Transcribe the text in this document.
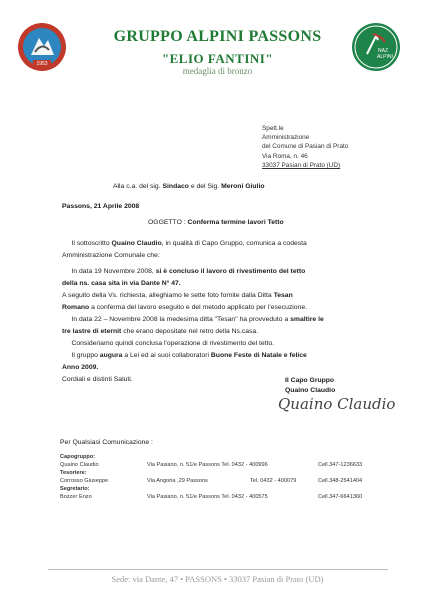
1953
NAZ
ALPINI
GRUPPO ALPINI PASSONS
"ELIO FANTINI"
medaglia di bronzo
Spett.le
Amministrazione
del Comune di Pasian di Prato
Via Roma, n. 46
33037 Pasian di Prato (UD)
Alla c.a. del sig. Sindaco e del Sig. Meroni Giulio
Passons, 21 Aprile 2008
OGGETTO : Conferma termine lavori Tetto
Il sottoscritto Quaino Claudio, in qualità di Capo Gruppo, comunica a codesta
Amministrazione Comunale che:
In data 19 Novembre 2008, si è concluso il lavoro di rivestimento del tetto
della ns. casa sita in via Dante N° 47.
A seguito della Vs. richiesta, alleghiamo le sette foto fornite dalla Ditta Tesan
Romano a conferma del lavoro eseguito e del metodo applicato per l'esecuzione.
In data 22 – Novembre 2008 la medesima ditta "Tesan" ha provveduto a smaltire le
tre lastre di eternit che erano depositate nel retro della Ns.casa.
Consideriamo quindi conclusa l'operazione di rivestimento del tetto.
Il gruppo augura a Lei ed ai suoi collaboratori Buone Feste di Natale e felice
Anno 2009.
Cordiali e distinti Saluti.	Il Capo Gruppo
Quaino Claudio
Quaino Claudio
Per Qualsiasi Comunicazione :
Capogruppo:
Quaino Claudio	Via Pasiano, n. 51/e Passons Tel. 0432 - 400996	Cell.347-1236633
Tesoriere:
Corrosso Giuseppe	Via Angoria ,29 Passons	Tel. 0432 - 400079	Cell.348-2541404
Segretario:
Bozzer Enzo	Via Pasiano, n. 51/e Passons Tel. 0432 - 400575	Cell.347-6641360
Sede: via Dante, 47 • PASSONS • 33037 Pasian di Prato (UD)
